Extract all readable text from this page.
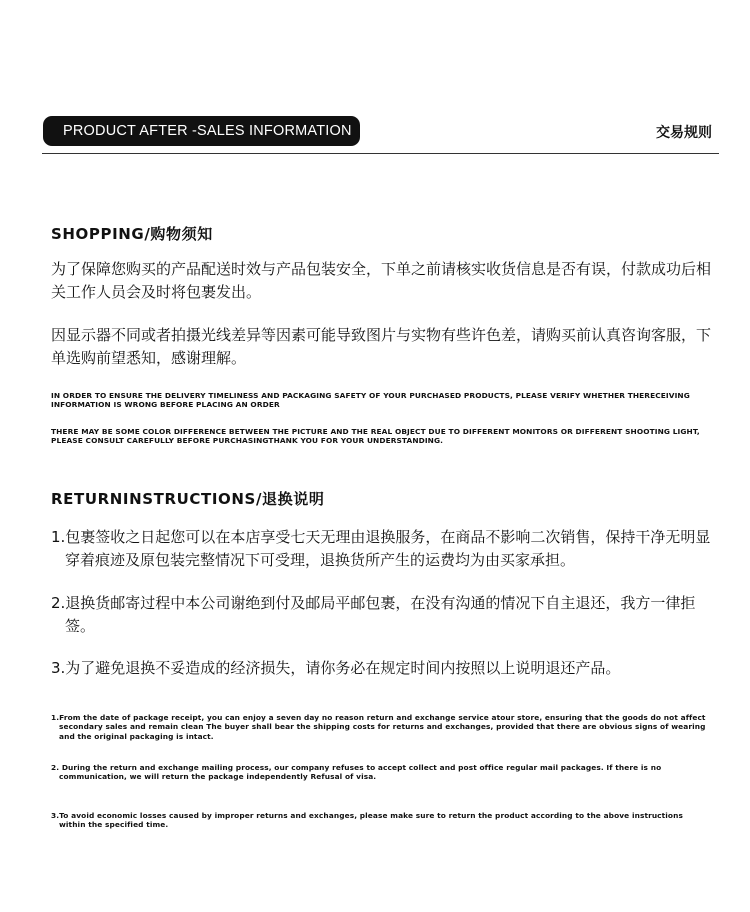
PRODUCT AFTER -SALES INFORMATION	交易规则
SHOPPING/购物须知
为了保障您购买的产品配送时效与产品包装安全，下单之前请核实收货信息是否有误，付款成功后相关工作人员会及时将包裹发出。
因显示器不同或者拍摄光线差异等因素可能导致图片与实物有些许色差，请购买前认真咨询客服，下单选购前望悉知，感谢理解。
IN ORDER TO ENSURE THE DELIVERY TIMELINESS AND PACKAGING SAFETY OF YOUR PURCHASED PRODUCTS, PLEASE VERIFY WHETHER THERECEIVING INFORMATION IS WRONG BEFORE PLACING AN ORDER
THERE MAY BE SOME COLOR DIFFERENCE BETWEEN THE PICTURE AND THE REAL OBJECT DUE TO DIFFERENT MONITORS OR DIFFERENT SHOOTING LIGHT, PLEASE CONSULT CAREFULLY BEFORE PURCHASINGTHANK YOU FOR YOUR UNDERSTANDING.
RETURNINSTRUCTIONS/退换说明
1.包裹签收之日起您可以在本店享受七天无理由退换服务，在商品不影响二次销售，保持干净无明显穿着痕迹及原包装完整情况下可受理，退换货所产生的运费均为由买家承担。
2.退换货邮寄过程中本公司谢绝到付及邮局平邮包裹，在没有沟通的情况下自主退还，我方一律拒签。
3.为了避免退换不妥造成的经济损失，请你务必在规定时间内按照以上说明退还产品。
1.From the date of package receipt, you can enjoy a seven day no reason return and exchange service atour store, ensuring that the goods do not affect secondary sales and remain clean The buyer shall bear the shipping costs for returns and exchanges, provided that there are obvious signs of wearing and the original packaging is intact.
2. During the return and exchange mailing process, our company refuses to accept collect and post office regular mail packages. If there is no communication, we will return the package independently Refusal of visa.
3.To avoid economic losses caused by improper returns and exchanges, please make sure to return the product according to the above instructions within the specified time.
